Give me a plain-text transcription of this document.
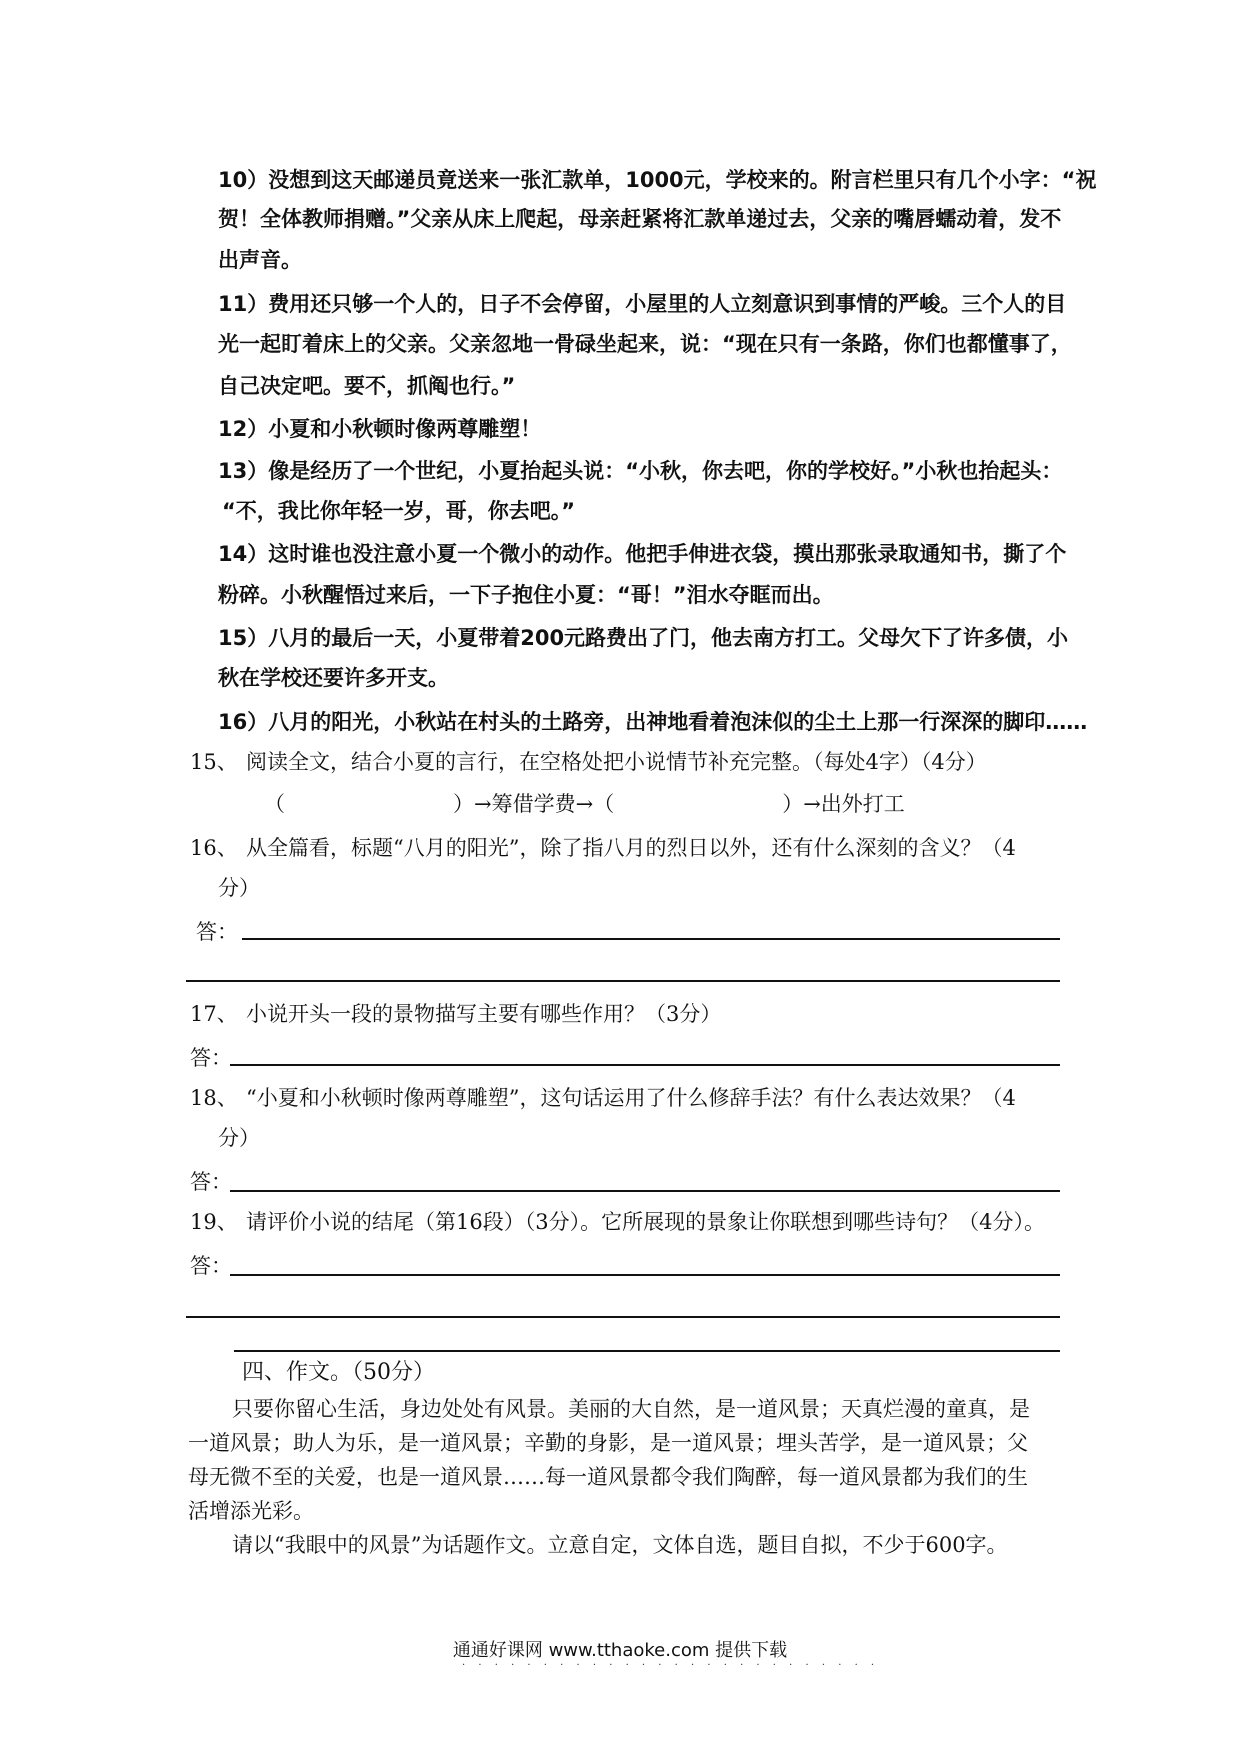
10）没想到这天邮递员竟送来一张汇款单，1000元，学校来的。附言栏里只有几个小字：“祝
贺！全体教师捐赠。”父亲从床上爬起，母亲赶紧将汇款单递过去，父亲的嘴唇蠕动着，发不
出声音。
11）费用还只够一个人的，日子不会停留，小屋里的人立刻意识到事情的严峻。三个人的目
光一起盯着床上的父亲。父亲忽地一骨碌坐起来，说：“现在只有一条路，你们也都懂事了，
自己决定吧。要不，抓阄也行。”
12）小夏和小秋顿时像两尊雕塑！
13）像是经历了一个世纪，小夏抬起头说：“小秋，你去吧，你的学校好。”小秋也抬起头：
“不，我比你年轻一岁，哥，你去吧。”
14）这时谁也没注意小夏一个微小的动作。他把手伸进衣袋，摸出那张录取通知书，撕了个
粉碎。小秋醒悟过来后，一下子抱住小夏：“哥！”泪水夺眶而出。
15）八月的最后一天，小夏带着200元路费出了门，他去南方打工。父母欠下了许多债，小
秋在学校还要许多开支。
16）八月的阳光，小秋站在村头的土路旁，出神地看着泡沫似的尘土上那一行深深的脚印……
15、 阅读全文，结合小夏的言行，在空格处把小说情节补充完整。（每处4字）（4分）
（　　　　　　　　）→筹借学费→（　　　　　　　　）→出外打工
16、 从全篇看，标题“八月的阳光”，除了指八月的烈日以外，还有什么深刻的含义？（4
分）
答：
17、 小说开头一段的景物描写主要有哪些作用？（3分）
答：
18、 “小夏和小秋顿时像两尊雕塑”，这句话运用了什么修辞手法？有什么表达效果？（4
分）
答：
19、 请评价小说的结尾（第16段）（3分）。它所展现的景象让你联想到哪些诗句？（4分）。
答：
四、作文。（50分）
只要你留心生活，身边处处有风景。美丽的大自然，是一道风景；天真烂漫的童真，是
一道风景；助人为乐，是一道风景；辛勤的身影，是一道风景；埋头苦学，是一道风景；父
母无微不至的关爱，也是一道风景……每一道风景都令我们陶醉，每一道风景都为我们的生
活增添光彩。
请以“我眼中的风景”为话题作文。立意自定，文体自选，题目自拟，不少于600字。
通通好课网 www.tthaoke.com 提供下载
· · · · · · · · · · · · · · · · · · · · · · · · · ·
